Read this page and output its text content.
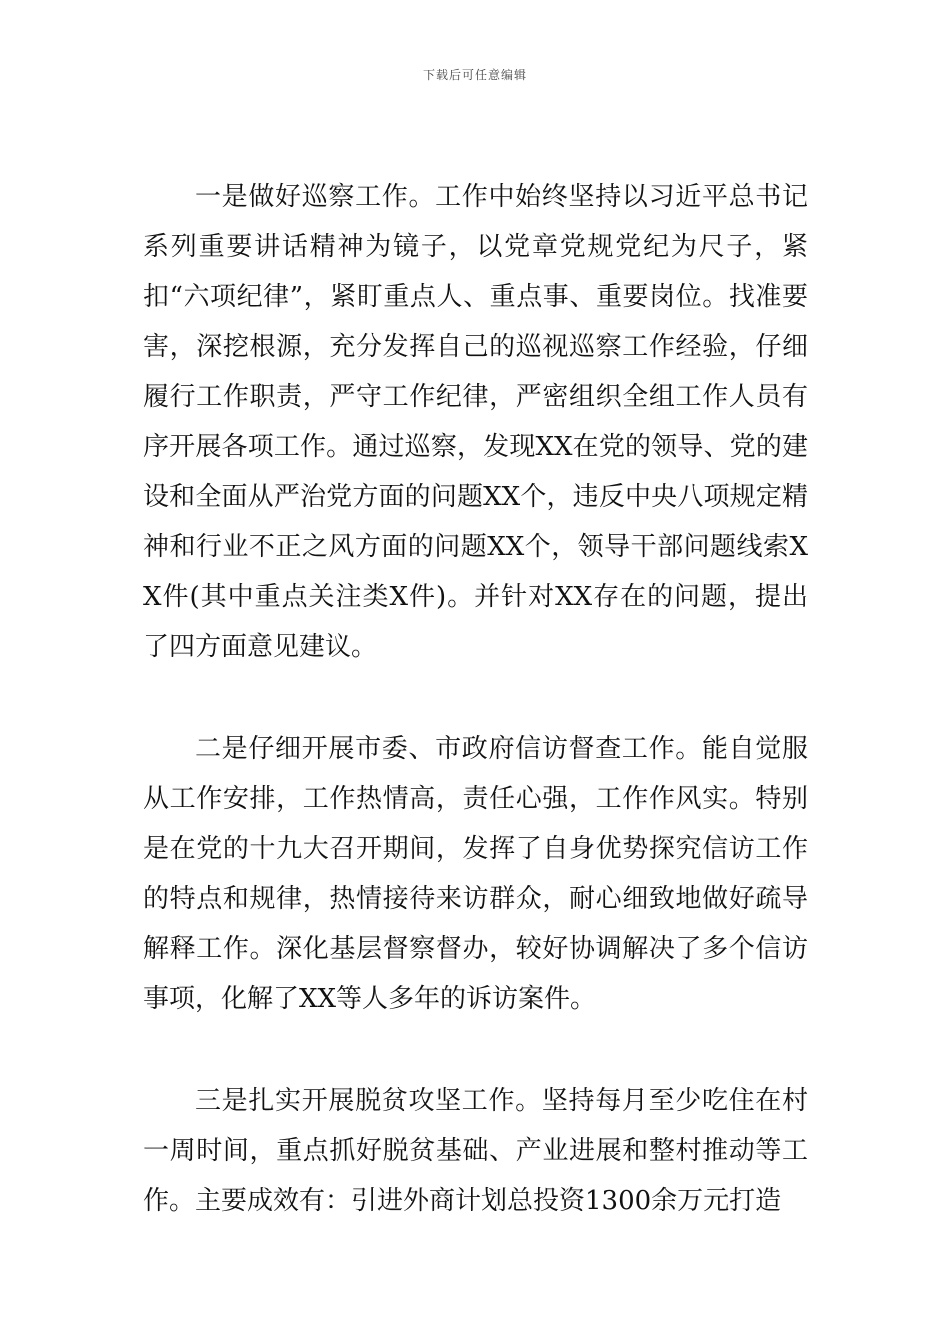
下载后可任意编辑

一是做好巡察工作。工作中始终坚持以习近平总书记系列重要讲话精神为镜子，以党章党规党纪为尺子，紧扣“六项纪律”，紧盯重点人、重点事、重要岗位。找准要害，深挖根源，充分发挥自己的巡视巡察工作经验，仔细履行工作职责，严守工作纪律，严密组织全组工作人员有序开展各项工作。通过巡察，发现XX在党的领导、党的建设和全面从严治党方面的问题XX个，违反中央八项规定精神和行业不正之风方面的问题XX个，领导干部问题线索XX件(其中重点关注类X件)。并针对XX存在的问题，提出了四方面意见建议。

二是仔细开展市委、市政府信访督查工作。能自觉服从工作安排，工作热情高，责任心强，工作作风实。特别是在党的十九大召开期间，发挥了自身优势探究信访工作的特点和规律，热情接待来访群众，耐心细致地做好疏导解释工作。深化基层督察督办，较好协调解决了多个信访事项，化解了XX等人多年的诉访案件。

三是扎实开展脱贫攻坚工作。坚持每月至少吃住在村一周时间，重点抓好脱贫基础、产业进展和整村推动等工作。主要成效有：引进外商计划总投资1300余万元打造
